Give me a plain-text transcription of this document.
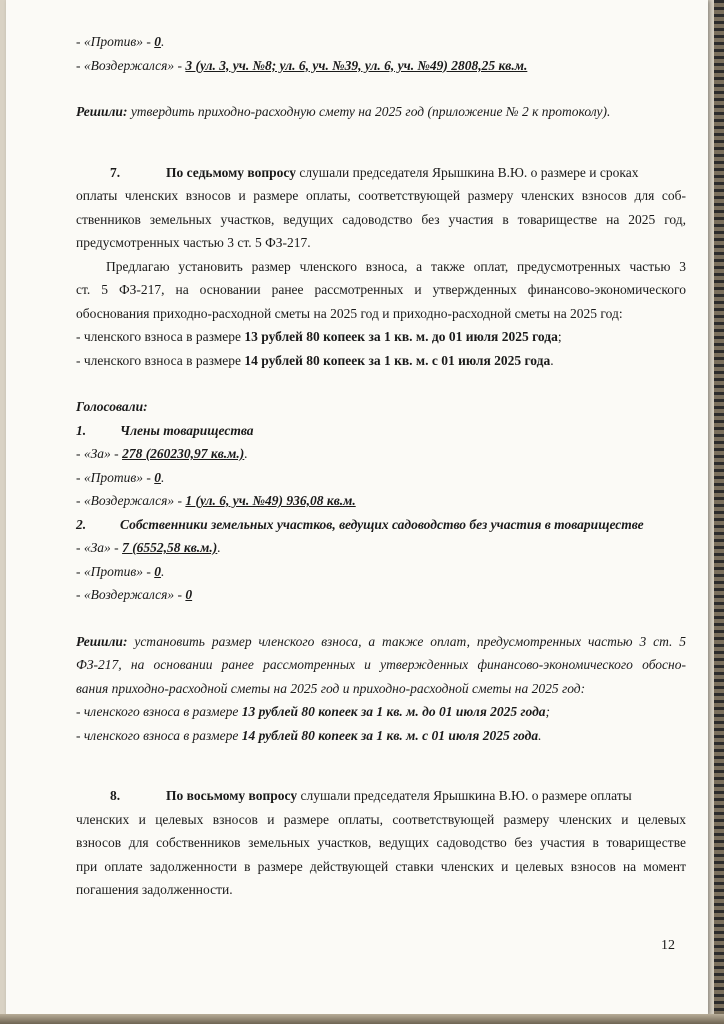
- «Против» - 0.
- «Воздержался» - 3 (ул. 3, уч. №8; ул. 6, уч. №39, ул. 6, уч. №49) 2808,25 кв.м.
Решили: утвердить приходно-расходную смету на 2025 год (приложение № 2 к протоколу).
7.	По седьмому вопросу слушали председателя Ярышкина В.Ю. о размере и сроках
оплаты членских взносов и размере оплаты, соответствующей размеру членских взносов для соб-
ственников земельных участков, ведущих садоводство без участия в товариществе на 2025 год,
предусмотренных частью 3 ст. 5 ФЗ-217.
Предлагаю установить размер членского взноса, а также оплат, предусмотренных частью 3
ст. 5 ФЗ-217, на основании ранее рассмотренных и утвержденных финансово-экономического
обоснования приходно-расходной сметы на 2025 год и приходно-расходной сметы на 2025 год:
- членского взноса в размере 13 рублей 80 копеек за 1 кв. м. до 01 июля 2025 года;
- членского взноса в размере 14 рублей 80 копеек за 1 кв. м. с 01 июля 2025 года.
Голосовали:
1.	Члены товарищества
- «За» - 278 (260230,97 кв.м.).
- «Против» - 0.
- «Воздержался» - 1 (ул. 6, уч. №49) 936,08 кв.м.
2.	Собственники земельных участков, ведущих садоводство без участия в товариществе
- «За» - 7 (6552,58 кв.м.).
- «Против» - 0.
- «Воздержался» - 0
Решили: установить размер членского взноса, а также оплат, предусмотренных частью 3 ст. 5
ФЗ-217, на основании ранее рассмотренных и утвержденных финансово-экономического обосно-
вания приходно-расходной сметы на 2025 год и приходно-расходной сметы на 2025 год:
- членского взноса в размере 13 рублей 80 копеек за 1 кв. м. до 01 июля 2025 года;
- членского взноса в размере 14 рублей 80 копеек за 1 кв. м. с 01 июля 2025 года.
8.	По восьмому вопросу слушали председателя Ярышкина В.Ю. о размере оплаты
членских и целевых взносов и размере оплаты, соответствующей размеру членских и целевых
взносов для собственников земельных участков, ведущих садоводство без участия в товариществе
при оплате задолженности в размере действующей ставки членских и целевых взносов на момент
погашения задолженности.
12
